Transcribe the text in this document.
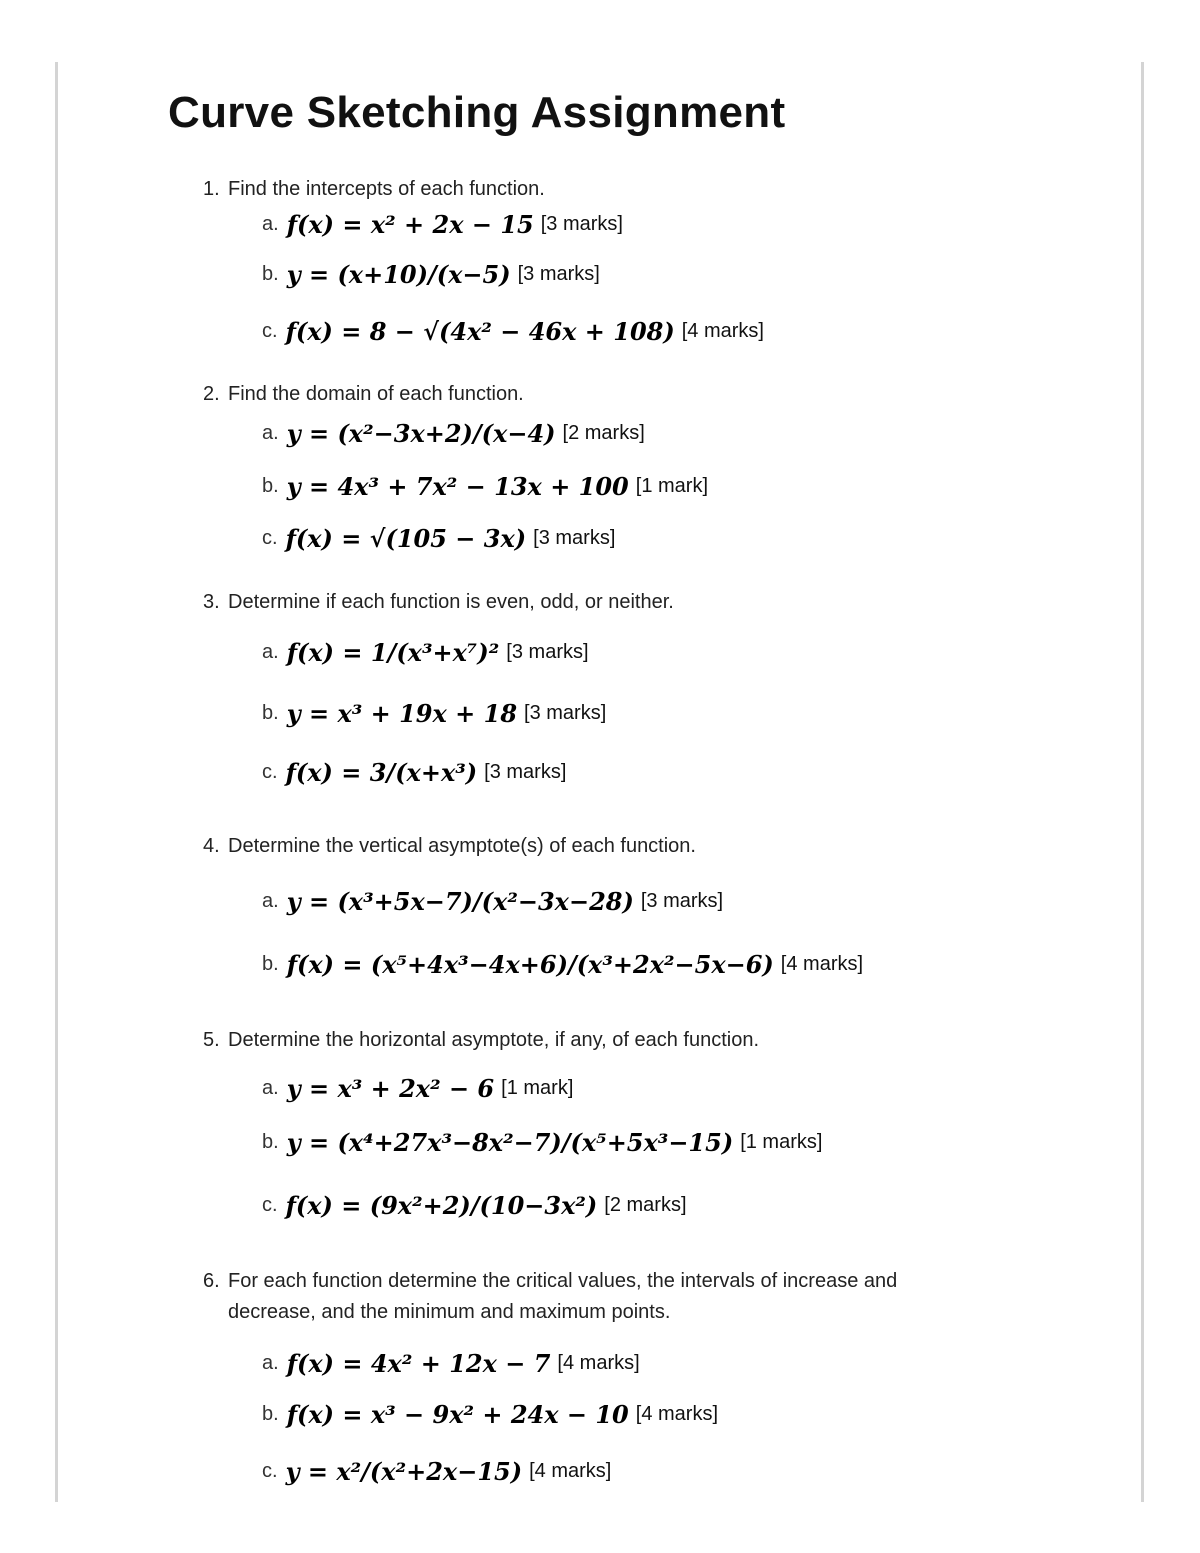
Curve Sketching Assignment
1. Find the intercepts of each function.
a. f(x) = x² + 2x − 15 [3 marks]
b. y = (x+10)/(x−5) [3 marks]
c. f(x) = 8 − √(4x² − 46x + 108) [4 marks]
2. Find the domain of each function.
a. y = (x²−3x+2)/(x−4) [2 marks]
b. y = 4x³ + 7x² − 13x + 100 [1 mark]
c. f(x) = √(105 − 3x) [3 marks]
3. Determine if each function is even, odd, or neither.
a. f(x) = 1/(x³+x⁷)² [3 marks]
b. y = x³ + 19x + 18 [3 marks]
c. f(x) = 3/(x+x³) [3 marks]
4. Determine the vertical asymptote(s) of each function.
a. y = (x³+5x−7)/(x²−3x−28) [3 marks]
b. f(x) = (x⁵+4x³−4x+6)/(x³+2x²−5x−6) [4 marks]
5. Determine the horizontal asymptote, if any, of each function.
a. y = x³ + 2x² − 6 [1 mark]
b. y = (x⁴+27x³−8x²−7)/(x⁵+5x³−15) [1 marks]
c. f(x) = (9x²+2)/(10−3x²) [2 marks]
6. For each function determine the critical values, the intervals of increase and decrease, and the minimum and maximum points.
a. f(x) = 4x² + 12x − 7 [4 marks]
b. f(x) = x³ − 9x² + 24x − 10 [4 marks]
c. y = x²/(x²+2x−15) [4 marks]
